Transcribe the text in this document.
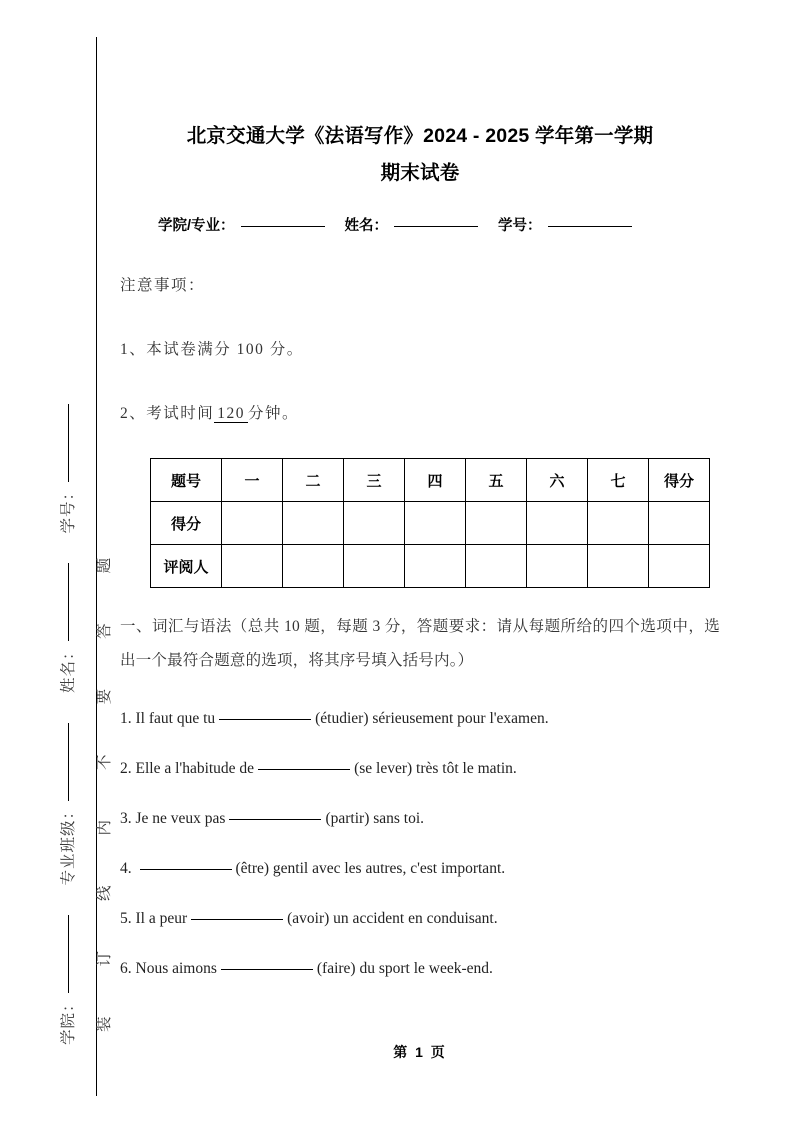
学院： 专业班级： 姓名： 学号：
装订线内不要答题
北京交通大学《法语写作》2024 - 2025 学年第一学期
期末试卷
学院/专业：	姓名：	学号：

注意事项：

1、本试卷满分 100 分。

2、考试时间 120 分钟。

题号	一	二	三	四	五	六	七	得分
得分								
评阅人								

一、词汇与语法（总共 10 题，每题 3 分，答题要求：请从每题所给的四个选项中，选出一个最符合题意的选项，将其序号填入括号内。）

1. Il faut que tu	(étudier) sérieusement pour l'examen.

2. Elle a l'habitude de	(se lever) très tôt le matin.

3. Je ne veux pas	(partir) sans toi.

4.	(être) gentil avec les autres, c'est important.

5. Il a peur	(avoir) un accident en conduisant.

6. Nous aimons	(faire) du sport le week-end.

第 1 页
